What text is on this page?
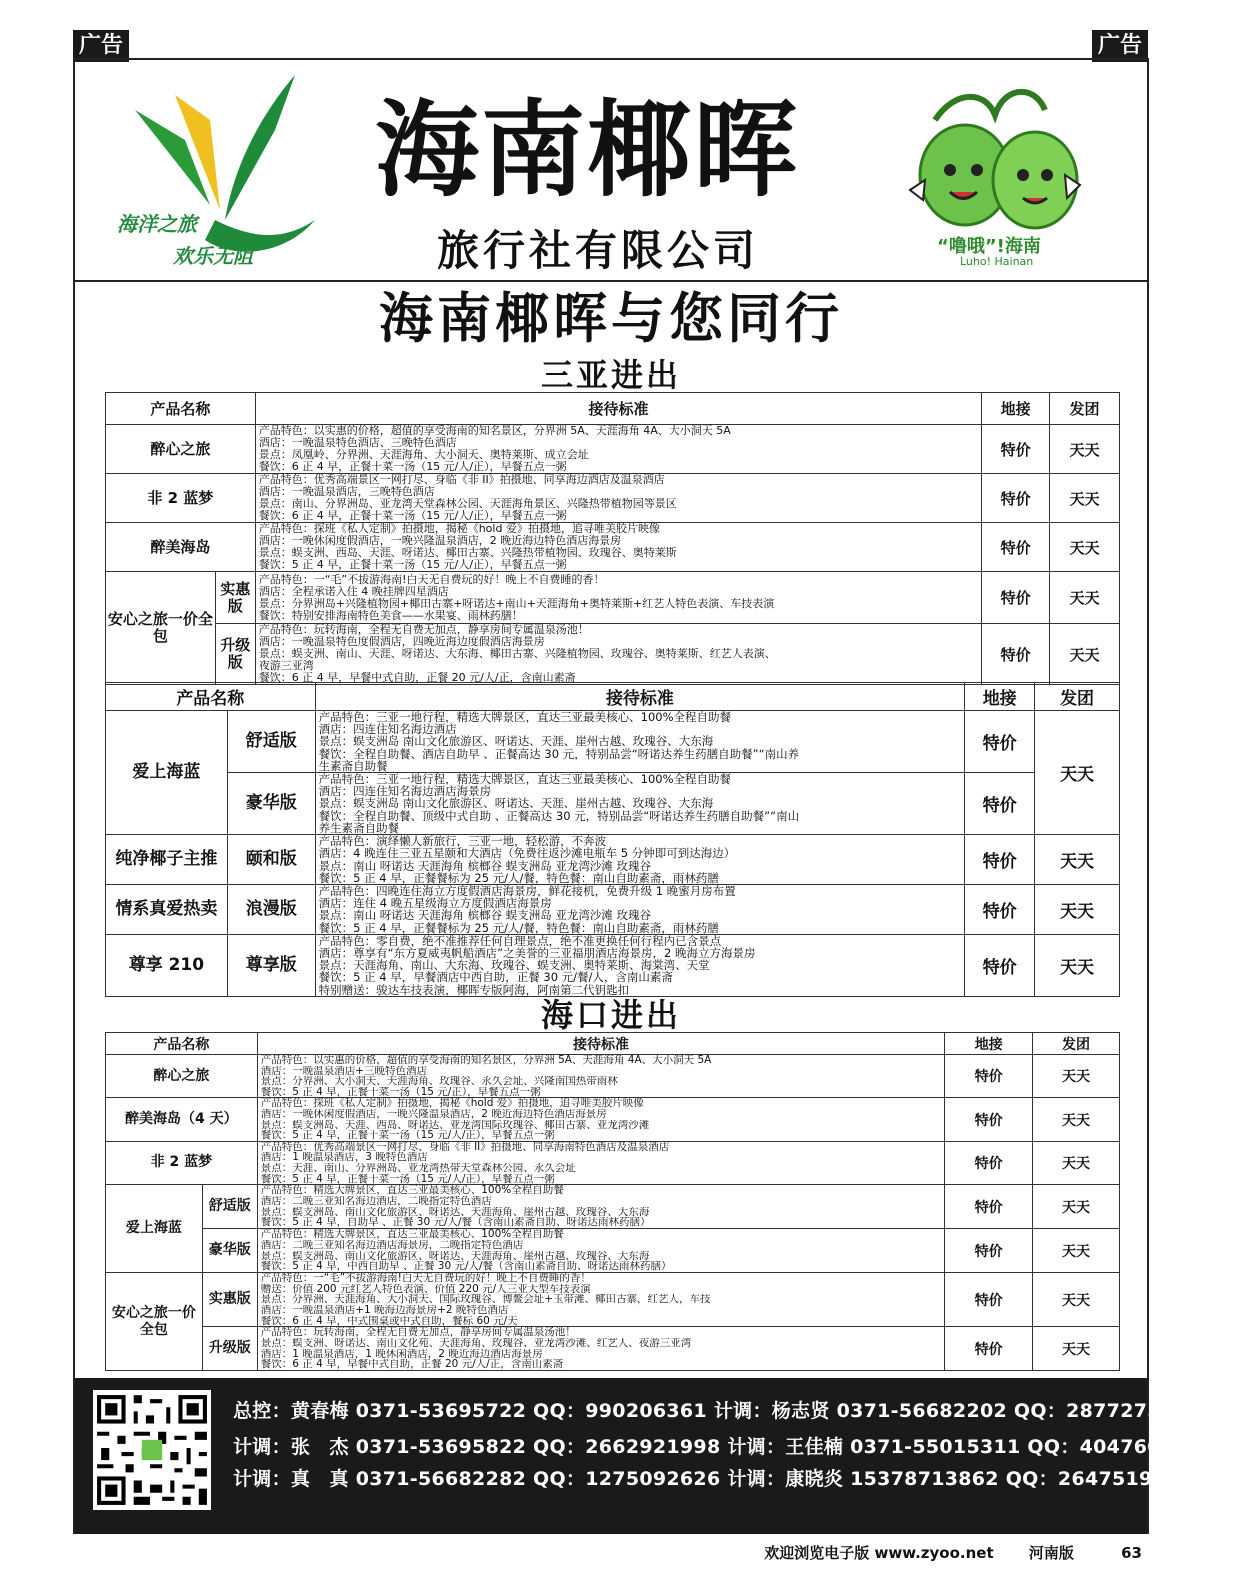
广告	广告
海洋之旅
欢乐无阻
海南椰晖
旅行社有限公司	“噜哦”!海南
Luho! Hainan
海南椰晖与您同行
三亚进出
产品名称		接待标准	地接	发团
醉心之旅		产品特色：以实惠的价格，超值的享受海南的知名景区，分界洲 5A、天涯海角 4A、大小洞天 5A
酒店：一晚温泉特色酒店、三晚特色酒店
景点：凤凰岭、分界洲、天涯海角、大小洞天、奥特莱斯、成立会址
餐饮：6 正 4 早，正餐十菜一汤（15 元/人/正），早餐五点一粥	特价	天天
非 2 蓝梦		产品特色：优秀高端景区一网打尽、身临《非 II》拍摄地、同享海边酒店及温泉酒店
酒店：一晚温泉酒店，三晚特色酒店
景点：南山、分界洲岛、亚龙湾天堂森林公园、天涯海角景区、兴隆热带植物园等景区
餐饮：6 正 4 早，正餐十菜一汤（15 元/人/正），早餐五点一粥	特价	天天
醉美海岛		产品特色：探班《私人定制》拍摄地，揭秘《hold 爱》拍摄地，追寻唯美胶片映像
酒店：一晚休闲度假酒店，一晚兴隆温泉酒店，2 晚近海边特色酒店海景房
景点：蜈支洲、西岛、天涯、呀诺达、椰田古寨、兴隆热带植物园、玫瑰谷、奥特莱斯
餐饮：5 正 4 早，正餐十菜一汤（15 元/人/正），早餐五点一粥	特价	天天
安心之旅一价全包	实惠版	产品特色：一“毛”不拔游海南!白天无自费玩的好！晚上不自费睡的香！
酒店：全程承诺入住 4 晚挂牌四星酒店
景点：分界洲岛+兴隆植物园+椰田古寨+呀诺达+南山+天涯海角+奥特莱斯+红艺人特色表演、车技表演
餐饮：特别安排海南特色美食——水果宴、雨林药膳！	特价	天天
	升级版	产品特色：玩转海南，全程无自费无加点，静享房间专属温泉汤池！
酒店：一晚温泉特色度假酒店，四晚近海边度假酒店海景房
景点：蜈支洲、南山、天涯、呀诺达、大东海、椰田古寨、兴隆植物园、玫瑰谷、奥特莱斯、红艺人表演、
夜游三亚湾
餐饮：6 正 4 早，早餐中式自助，正餐 20 元/人/正，含南山素斋	特价	天天
产品名称		接待标准	地接	发团
爱上海蓝	舒适版	产品特色：三亚一地行程，精选大牌景区，直达三亚最美核心、100%全程自助餐
酒店：四连住知名海边酒店
景点：蜈支洲岛 南山文化旅游区、呀诺达、天涯、崖州古越、玫瑰谷、大东海
餐饮：全程自助餐、酒店自助早 、正餐高达 30 元，特别品尝“呀诺达养生药膳自助餐”“南山养
生素斋自助餐	特价	天天
	豪华版	产品特色：三亚一地行程，精选大牌景区，直达三亚最美核心、100%全程自助餐
酒店：四连住知名海边酒店海景房
景点：蜈支洲岛 南山文化旅游区、呀诺达、天涯、崖州古越、玫瑰谷、大东海
餐饮：全程自助餐、顶级中式自助 、正餐高达 30 元，特别品尝“呀诺达养生药膳自助餐”“南山
养生素斋自助餐	特价	
纯净椰子主推	颐和版	产品特色：演绎懒人新旅行，三亚一地，轻松游，不奔波
酒店：4 晚连住三亚五星颐和大酒店（免费往返沙滩电瓶车 5 分钟即可到达海边）
景点：南山 呀诺达 天涯海角 槟榔谷 蜈支洲岛 亚龙湾沙滩 玫瑰谷
餐饮：5 正 4 早，正餐餐标为 25 元/人/餐，特色餐：南山自助素斋，雨林药膳	特价	天天
情系真爱热卖	浪漫版	产品特色：四晚连住海立方度假酒店海景房，鲜花接机，免费升级 1 晚蜜月房布置
酒店：连住 4 晚五星级海立方度假酒店海景房
景点：南山 呀诺达 天涯海角 槟榔谷 蜈支洲岛 亚龙湾沙滩 玫瑰谷
餐饮：5 正 4 早，正餐餐标为 25 元/人/餐，特色餐：南山自助素斋，雨林药膳	特价	天天
尊享 210	尊享版	产品特色：零自费，绝不准推荐任何自理景点，绝不准更换任何行程内已含景点
酒店：尊享有“东方夏威夷帆船酒店”之美誉的三亚福朋酒店海景房，2 晚海立方海景房
景点：天涯海角、南山、大东海、玫瑰谷、蜈支洲、奥特莱斯、海棠湾、天堂
餐饮：5 正 4 早，早餐酒店中西自助，正餐 30 元/餐/人，含南山素斋
特别赠送：骏达车技表演，椰晖专版阿海，阿南第二代钥匙扣	特价	天天
海口进出
产品名称		接待标准	地接	发团
醉心之旅		产品特色：以实惠的价格，超值的享受海南的知名景区，分界洲 5A、天涯海角 4A、大小洞天 5A
酒店：一晚温泉酒店+三晚特色酒店
景点：分界洲、大小洞天、天涯海角、玫瑰谷、永久会址、兴隆南国热带雨林
餐饮：5 正 4 早，正餐十菜一汤（15 元/正），早餐五点一粥	特价	天天
醉美海岛（4 天）		产品特色：探班《私人定制》拍摄地，揭秘《hold 爱》拍摄地，追寻唯美胶片映像
酒店：一晚休闲度假酒店，一晚兴隆温泉酒店，2 晚近海边特色酒店海景房
景点：蜈支洲岛、天涯、西岛、呀诺达、亚龙湾国际玫瑰谷、椰田古寨、亚龙湾沙滩
餐饮：5 正 4 早，正餐十菜一汤（15 元/人/正），早餐五点一粥	特价	天天
非 2 蓝梦		产品特色：优秀高端景区一网打尽、身临《非 II》拍摄地、同享海南特色酒店及温泉酒店
酒店：1 晚温泉酒店，3 晚特色酒店
景点：天涯、南山、分界洲岛、亚龙湾热带天堂森林公园、永久会址
餐饮：5 正 4 早，正餐十菜一汤（15 元/人/正），早餐五点一粥	特价	天天
爱上海蓝	舒适版	产品特色：精选大牌景区，直达三亚最美核心、100%全程自助餐
酒店：二晚三亚知名海边酒店，二晚指定特色酒店
景点：蜈支洲岛、南山文化旅游区、呀诺达、天涯海角、崖州古越、玫瑰谷、大东海
餐饮：5 正 4 早，自助早 、正餐 30 元/人/餐（含南山素斋自助、呀诺达雨林药膳）	特价	天天
	豪华版	产品特色：精选大牌景区，直达三亚最美核心、100%全程自助餐
酒店：二晚三亚知名海边酒店海景房，二晚指定特色酒店
景点：蜈支洲岛、南山文化旅游区、呀诺达、天涯海角、崖州古越、玫瑰谷、大东海
餐饮：5 正 4 早，中西自助早 、正餐 30 元/人/餐（含南山素斋自助、呀诺达雨林药膳）	特价	天天
安心之旅一价全包	实惠版	产品特色：一“毛”不拔游海南!白天无自费玩的好！晚上不自费睡的香！
赠送：价值 200 元红艺人特色表演、价值 220 元/人三亚大型车技表演
景点：分界洲、天涯海角、大小洞天、国际玫瑰谷、博鳌会址+玉带滩、椰田古寨，红艺人，车技
酒店：一晚温泉酒店+1 晚海边海景房+2 晚特色酒店
餐饮：6 正 4 早，中式围桌或中式自助，餐标 60 元/天	特价	天天
	升级版	产品特色：玩转海南，全程无自费无加点，静享房间专属温泉汤池！
景点：蜈支洲、呀诺达、南山文化苑、天涯海角、玫瑰谷、亚龙湾沙滩、红艺人、夜游三亚湾
酒店：1 晚温泉酒店，1 晚休闲酒店，2 晚近海边酒店海景房
餐饮：6 正 4 早，早餐中式自助，正餐 20 元/人/正，含南山素斋	特价	天天
总控：黄春梅 0371-53695722 QQ：990206361 计调：杨志贤 0371-56682202 QQ：2877275630
计调：张　杰 0371-53695822 QQ：2662921998 计调：王佳楠 0371-55015311 QQ：404760666
计调：真　真 0371-56682282 QQ：1275092626 计调：康晓炎 15378713862 QQ：2647519705
欢迎浏览电子版 www.zyoo.net 河南版	63
